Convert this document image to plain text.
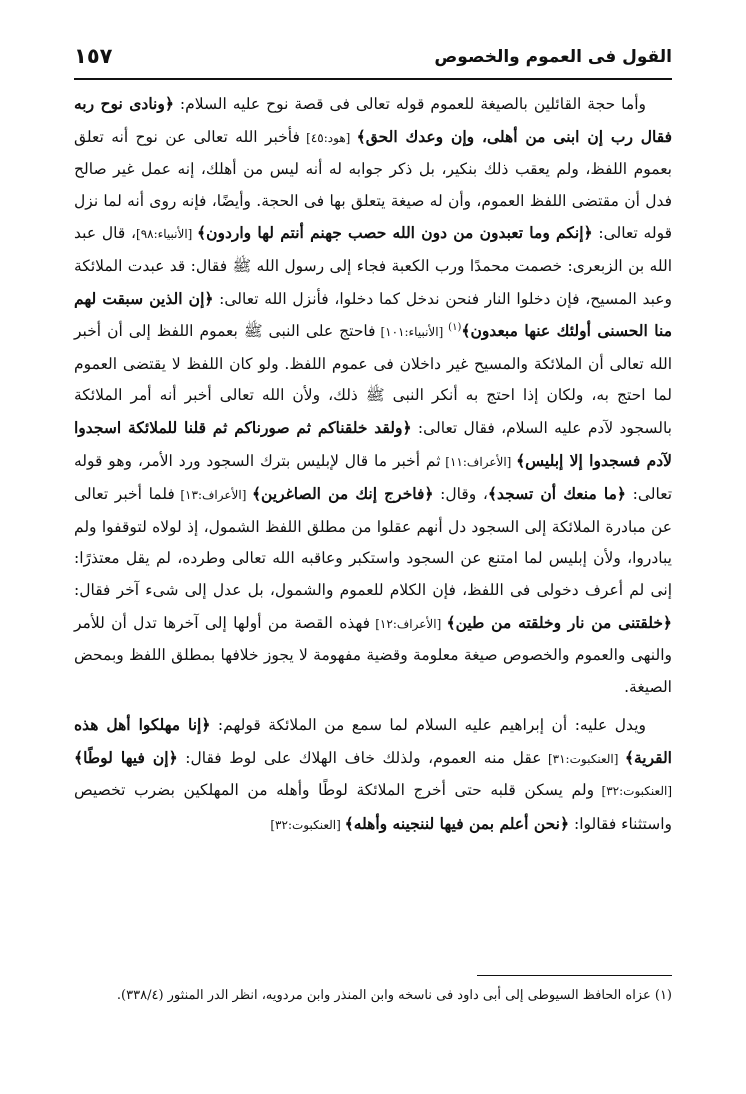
القول فى العموم والخصوص
١٥٧

وأما حجة القائلين بالصيغة للعموم قوله تعالى فى قصة نوح عليه السلام: ﴿ونادى نوح ربه فقال رب إن ابنى من أهلى، وإن وعدك الحق﴾ [هود:٤٥] فأخبر الله تعالى عن نوح أنه تعلق بعموم اللفظ، ولم يعقب ذلك بنكير، بل ذكر جوابه له أنه ليس من أهلك، إنه عمل غير صالح فدل أن مقتضى اللفظ العموم، وأن له صيغة يتعلق بها فى الحجة. وأيضًا، فإنه روى أنه لما نزل قوله تعالى: ﴿إنكم وما تعبدون من دون الله حصب جهنم أنتم لها واردون﴾ [الأنبياء:٩٨]، قال عبد الله بن الزبعرى: خصمت محمدًا ورب الكعبة فجاء إلى رسول الله ﷺ فقال: قد عبدت الملائكة وعبد المسيح، فإن دخلوا النار فنحن ندخل كما دخلوا، فأنزل الله تعالى: ﴿إن الذين سبقت لهم منا الحسنى أولئك عنها مبعدون﴾$^{(١)}$ [الأنبياء:١٠١] فاحتج على النبى ﷺ بعموم اللفظ إلى أن أخبر الله تعالى أن الملائكة والمسيح غير داخلان فى عموم اللفظ. ولو كان اللفظ لا يقتضى العموم لما احتج به، ولكان إذا احتج به أنكر النبى ﷺ ذلك، ولأن الله تعالى أخبر أنه أمر الملائكة بالسجود لآدم عليه السلام، فقال تعالى: ﴿ولقد خلقناكم ثم صورناكم ثم قلنا للملائكة اسجدوا لآدم فسجدوا إلا إبليس﴾ [الأعراف:١١] ثم أخبر ما قال لإبليس بترك السجود ورد الأمر، وهو قوله تعالى: ﴿ما منعك أن تسجد﴾، وقال: ﴿فاخرج إنك من الصاغرين﴾ [الأعراف:١٣] فلما أخبر تعالى عن مبادرة الملائكة إلى السجود دل أنهم عقلوا من مطلق اللفظ الشمول، إذ لولاه لتوقفوا ولم يبادروا، ولأن إبليس لما امتنع عن السجود واستكبر وعاقبه الله تعالى وطرده، لم يقل معتذرًا: إنى لم أعرف دخولى فى اللفظ، فإن الكلام للعموم والشمول، بل عدل إلى شىء آخر فقال: ﴿خلقتنى من نار وخلقته من طين﴾ [الأعراف:١٢] فهذه القصة من أولها إلى آخرها تدل أن للأمر والنهى والعموم والخصوص صيغة معلومة وقضية مفهومة لا يجوز خلافها بمطلق اللفظ وبمحض الصيغة.

ويدل عليه: أن إبراهيم عليه السلام لما سمع من الملائكة قولهم: ﴿إنا مهلكوا أهل هذه القرية﴾ [العنكبوت:٣١] عقل منه العموم، ولذلك خاف الهلاك على لوط فقال: ﴿إن فيها لوطًا﴾ [العنكبوت:٣٢] ولم يسكن قلبه حتى أخرج الملائكة لوطًا وأهله من المهلكين بضرب تخصيص واستثناء فقالوا: ﴿نحن أعلم بمن فيها لننجينه وأهله﴾ [العنكبوت:٣٢]

(١) عزاه الحافظ السيوطى إلى أبى داود فى ناسخه وابن المنذر وابن مردويه، انظر الدر المنثور (٣٣٨/٤).
